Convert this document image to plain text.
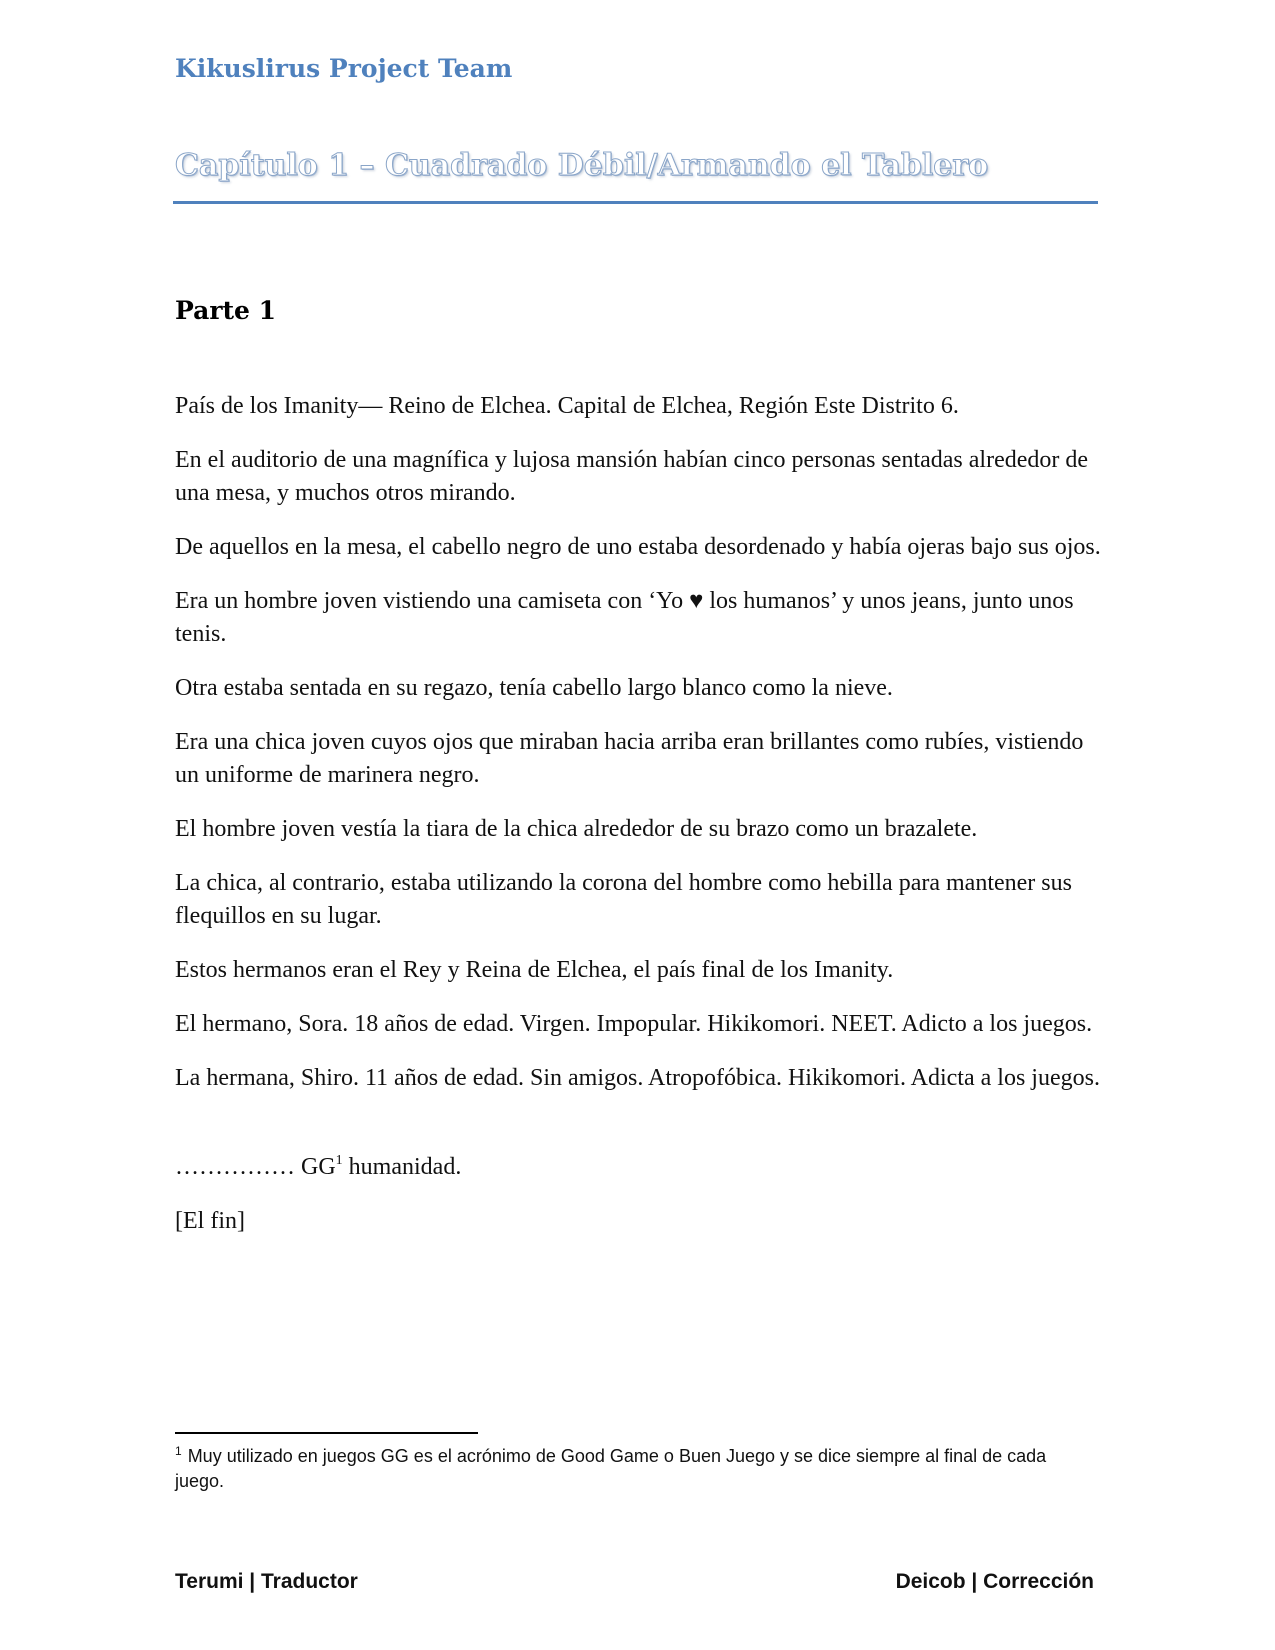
Kikuslirus Project Team
Capítulo 1 – Cuadrado Débil/Armando el Tablero
Parte 1

País de los Imanity— Reino de Elchea. Capital de Elchea, Región Este Distrito 6.

En el auditorio de una magnífica y lujosa mansión habían cinco personas sentadas alrededor de una mesa, y muchos otros mirando.

De aquellos en la mesa, el cabello negro de uno estaba desordenado y había ojeras bajo sus ojos.

Era un hombre joven vistiendo una camiseta con ‘Yo ♥ los humanos’ y unos jeans, junto unos tenis.

Otra estaba sentada en su regazo, tenía cabello largo blanco como la nieve.

Era una chica joven cuyos ojos que miraban hacia arriba eran brillantes como rubíes, vistiendo un uniforme de marinera negro.

El hombre joven vestía la tiara de la chica alrededor de su brazo como un brazalete.

La chica, al contrario, estaba utilizando la corona del hombre como hebilla para mantener sus flequillos en su lugar.

Estos hermanos eran el Rey y Reina de Elchea, el país final de los Imanity.

El hermano, Sora. 18 años de edad. Virgen. Impopular. Hikikomori. NEET. Adicto a los juegos.

La hermana, Shiro. 11 años de edad. Sin amigos. Atropofóbica. Hikikomori. Adicta a los juegos.

…………… $GG^1$ humanidad.

[El fin]

$^1$ Muy utilizado en juegos GG es el acrónimo de Good Game o Buen Juego y se dice siempre al final de cada juego.
Terumi | Traductor	Deicob | Corrección
